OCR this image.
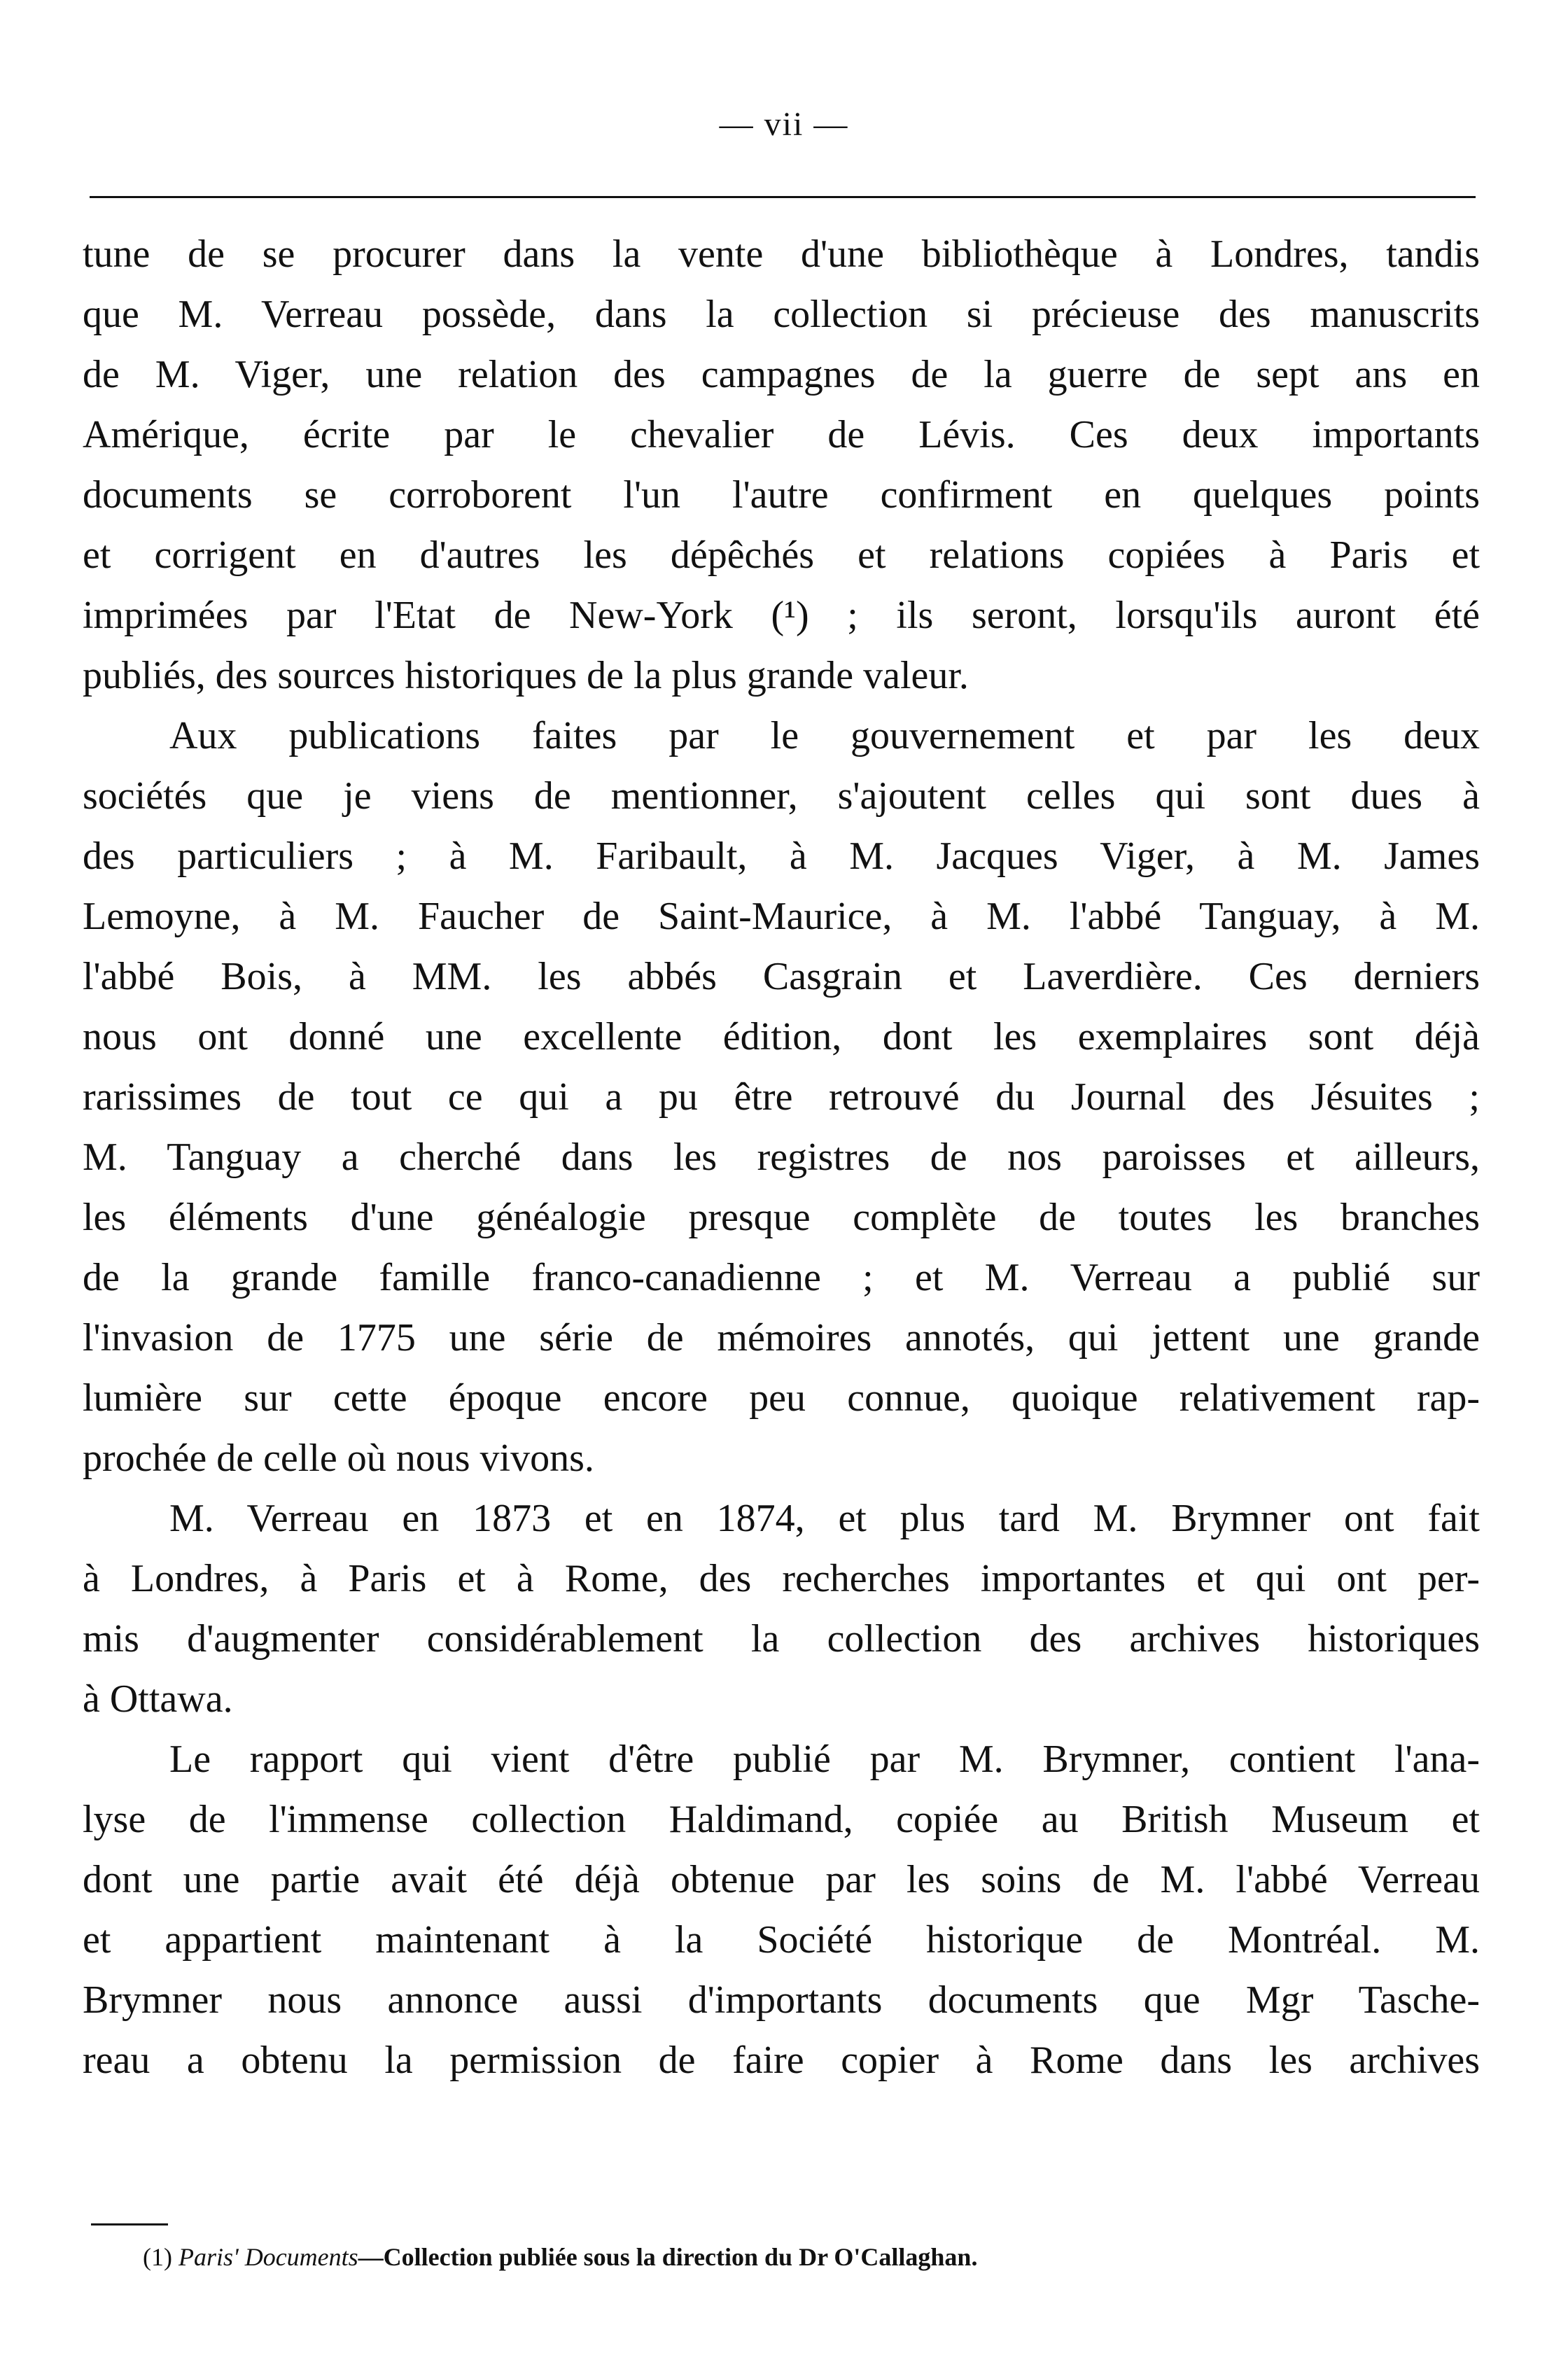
— vii —
tune de se procurer dans la vente d'une bibliothèque à Londres, tandis
que M. Verreau possède, dans la collection si précieuse des manuscrits
de M. Viger, une relation des campagnes de la guerre de sept ans en
Amérique, écrite par le chevalier de Lévis. Ces deux importants
documents se corroborent l'un l'autre confirment en quelques points
et corrigent en d'autres les dépêchés et relations copiées à Paris et
imprimées par l'Etat de New-York (¹) ; ils seront, lorsqu'ils auront été
publiés, des sources historiques de la plus grande valeur.
Aux publications faites par le gouvernement et par les deux
sociétés que je viens de mentionner, s'ajoutent celles qui sont dues à
des particuliers ; à M. Faribault, à M. Jacques Viger, à M. James
Lemoyne, à M. Faucher de Saint-Maurice, à M. l'abbé Tanguay, à M.
l'abbé Bois, à MM. les abbés Casgrain et Laverdière. Ces derniers
nous ont donné une excellente édition, dont les exemplaires sont déjà
rarissimes de tout ce qui a pu être retrouvé du Journal des Jésuites ;
M. Tanguay a cherché dans les registres de nos paroisses et ailleurs,
les éléments d'une généalogie presque complète de toutes les branches
de la grande famille franco-canadienne ; et M. Verreau a publié sur
l'invasion de 1775 une série de mémoires annotés, qui jettent une grande
lumière sur cette époque encore peu connue, quoique relativement rap-
prochée de celle où nous vivons.
M. Verreau en 1873 et en 1874, et plus tard M. Brymner ont fait
à Londres, à Paris et à Rome, des recherches importantes et qui ont per-
mis d'augmenter considérablement la collection des archives historiques
à Ottawa.
Le rapport qui vient d'être publié par M. Brymner, contient l'ana-
lyse de l'immense collection Haldimand, copiée au British Museum et
dont une partie avait été déjà obtenue par les soins de M. l'abbé Verreau
et appartient maintenant à la Société historique de Montréal. M.
Brymner nous annonce aussi d'importants documents que Mgr Tasche-
reau a obtenu la permission de faire copier à Rome dans les archives
(1) Paris' Documents—Collection publiée sous la direction du Dr O'Callaghan.
